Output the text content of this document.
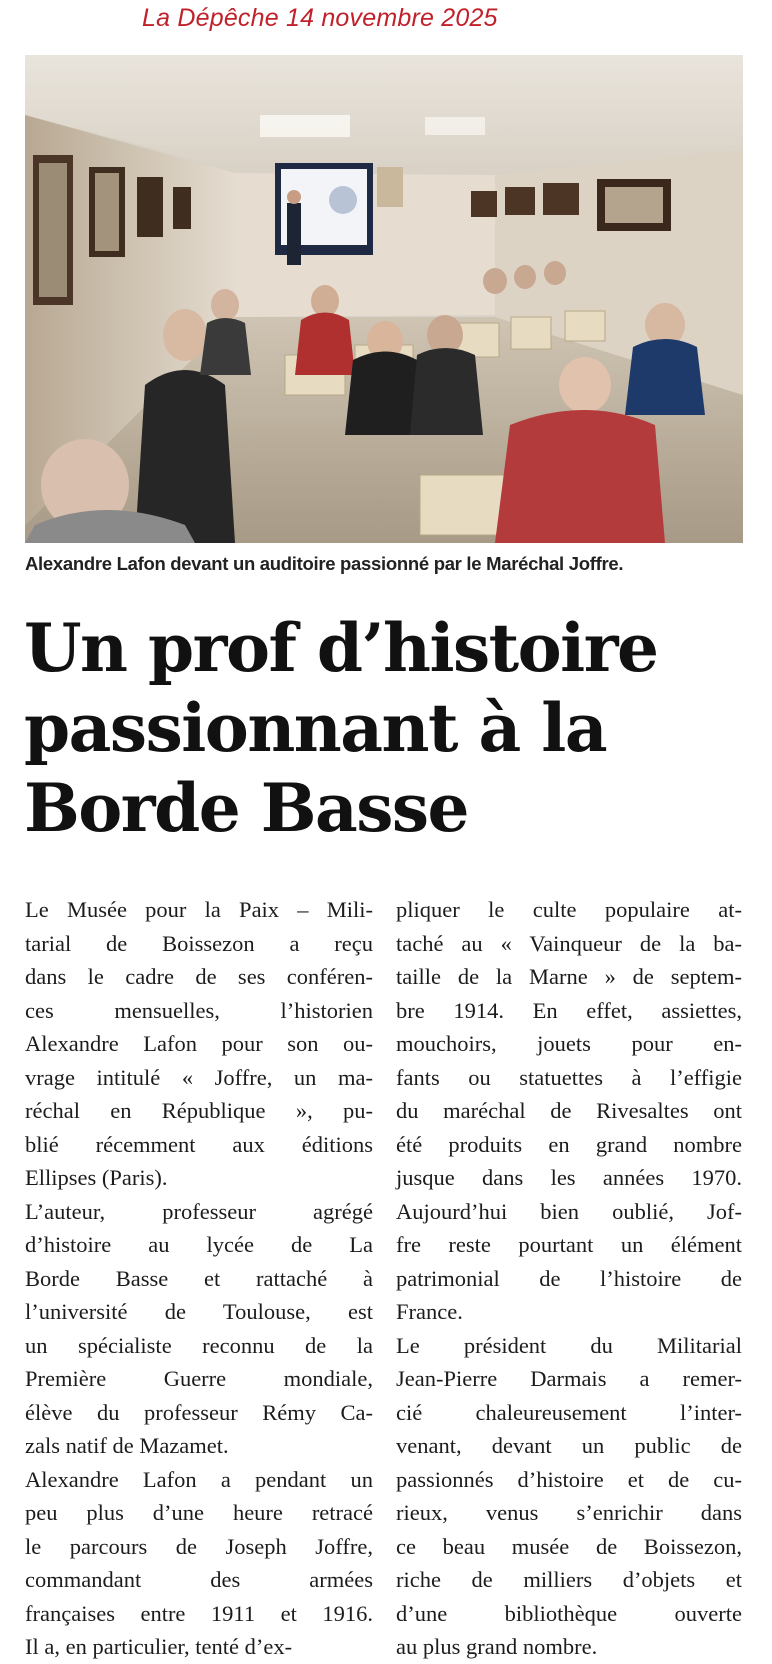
La Dépêche 14 novembre 2025
Alexandre Lafon devant un auditoire passionné par le Maréchal Joffre.
Un prof d’histoire
passionnant à la
Borde Basse
Le Musée pour la Paix – Mili-
tarial de Boissezon a reçu
dans le cadre de ses conféren-
ces mensuelles, l’historien
Alexandre Lafon pour son ou-
vrage intitulé « Joffre, un ma-
réchal en République », pu-
blié récemment aux éditions
Ellipses (Paris).
L’auteur, professeur agrégé
d’histoire au lycée de La
Borde Basse et rattaché à
l’université de Toulouse, est
un spécialiste reconnu de la
Première Guerre mondiale,
élève du professeur Rémy Ca-
zals natif de Mazamet.
Alexandre Lafon a pendant un
peu plus d’une heure retracé
le parcours de Joseph Joffre,
commandant des armées
françaises entre 1911 et 1916.
Il a, en particulier, tenté d’ex-
pliquer le culte populaire at-
taché au « Vainqueur de la ba-
taille de la Marne » de septem-
bre 1914. En effet, assiettes,
mouchoirs, jouets pour en-
fants ou statuettes à l’effigie
du maréchal de Rivesaltes ont
été produits en grand nombre
jusque dans les années 1970.
Aujourd’hui bien oublié, Jof-
fre reste pourtant un élément
patrimonial de l’histoire de
France.
Le président du Militarial
Jean-Pierre Darmais a remer-
cié chaleureusement l’inter-
venant, devant un public de
passionnés d’histoire et de cu-
rieux, venus s’enrichir dans
ce beau musée de Boissezon,
riche de milliers d’objets et
d’une bibliothèque ouverte
au plus grand nombre.
